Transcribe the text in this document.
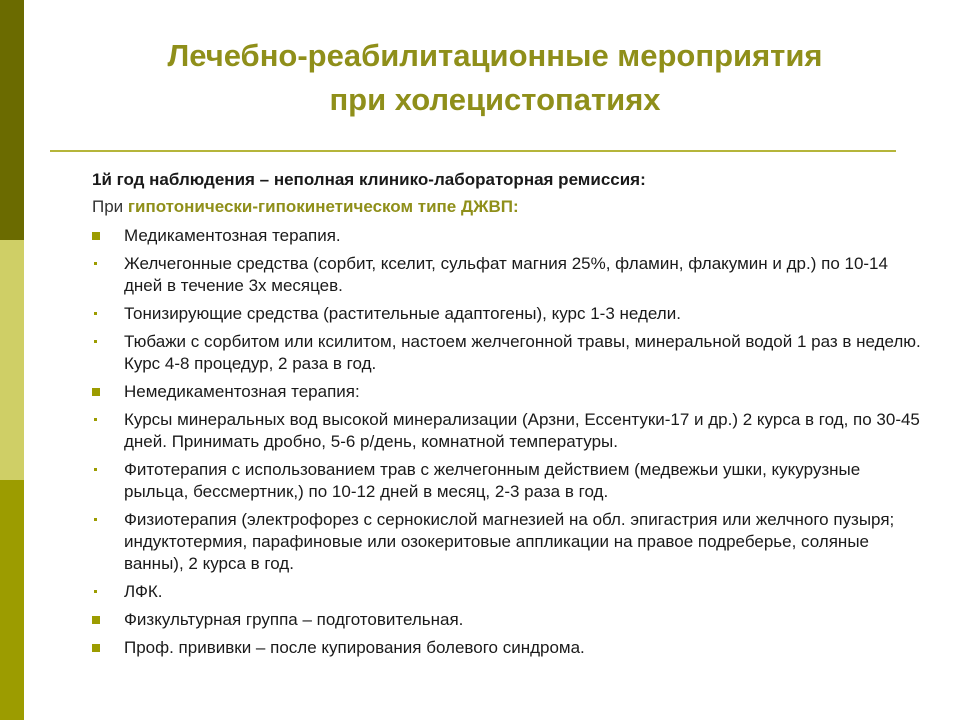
Лечебно-реабилитационные мероприятия
при холецистопатиях
1й год наблюдения – неполная клинико-лабораторная ремиссия:
При гипотонически-гипокинетическом типе ДЖВП:
Медикаментозная терапия.
Желчегонные средства (сорбит, кселит, сульфат магния 25%, фламин, флакумин и др.) по 10-14 дней в течение 3х месяцев.
Тонизирующие средства (растительные адаптогены), курс 1-3 недели.
Тюбажи с сорбитом или ксилитом, настоем желчегонной травы, минеральной водой 1 раз в неделю. Курс 4-8 процедур, 2 раза в год.
Немедикаментозная терапия:
Курсы минеральных вод высокой минерализации (Арзни, Ессентуки-17 и др.) 2 курса в год, по 30-45 дней. Принимать дробно, 5-6 р/день, комнатной температуры.
Фитотерапия с использованием трав с желчегонным действием (медвежьи ушки, кукурузные рыльца, бессмертник,) по 10-12 дней в месяц, 2-3 раза в год.
Физиотерапия (электрофорез с сернокислой магнезией на обл. эпигастрия или желчного пузыря; индуктотермия, парафиновые или озокеритовые аппликации на правое подреберье, соляные ванны), 2 курса в год.
ЛФК.
Физкультурная группа – подготовительная.
Проф. прививки – после купирования болевого синдрома.
